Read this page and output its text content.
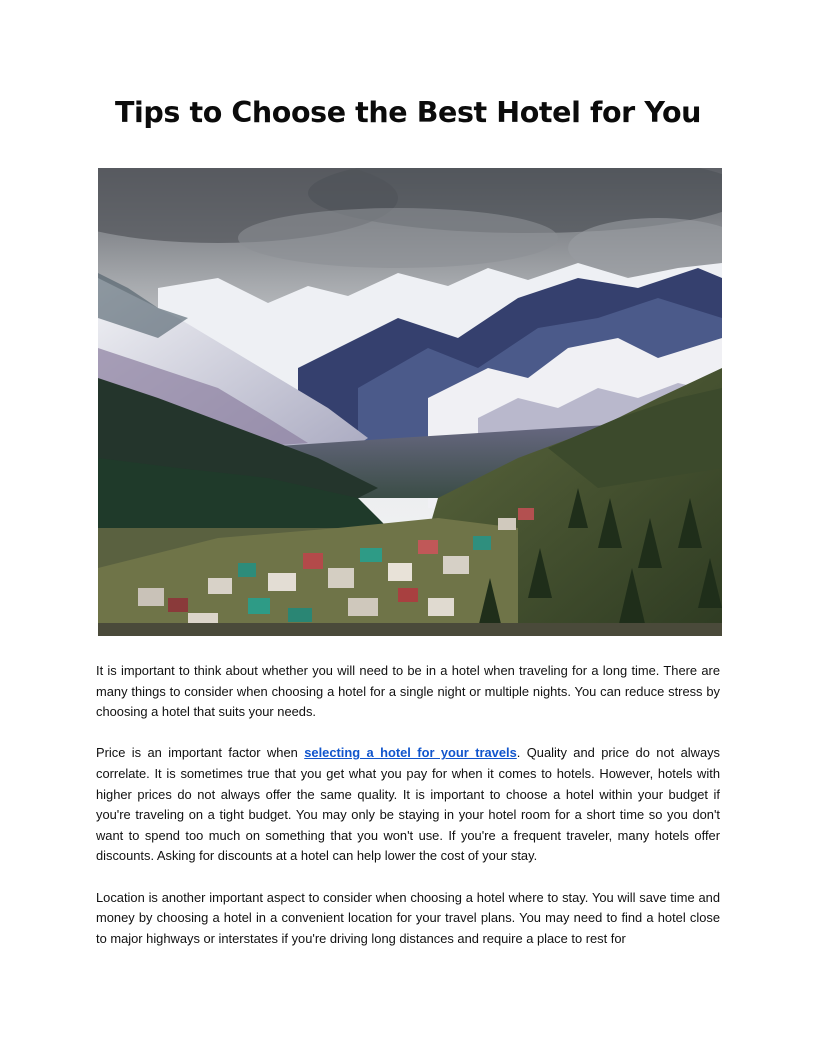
Tips to Choose the Best Hotel for You

It is important to think about whether you will need to be in a hotel when traveling for a long time. There are many things to consider when choosing a hotel for a single night or multiple nights. You can reduce stress by choosing a hotel that suits your needs.

Price is an important factor when selecting a hotel for your travels. Quality and price do not always correlate. It is sometimes true that you get what you pay for when it comes to hotels. However, hotels with higher prices do not always offer the same quality. It is important to choose a hotel within your budget if you're traveling on a tight budget. You may only be staying in your hotel room for a short time so you don't want to spend too much on something that you won't use. If you're a frequent traveler, many hotels offer discounts. Asking for discounts at a hotel can help lower the cost of your stay.

Location is another important aspect to consider when choosing a hotel where to stay. You will save time and money by choosing a hotel in a convenient location for your travel plans. You may need to find a hotel close to major highways or interstates if you're driving long distances and require a place to rest for
